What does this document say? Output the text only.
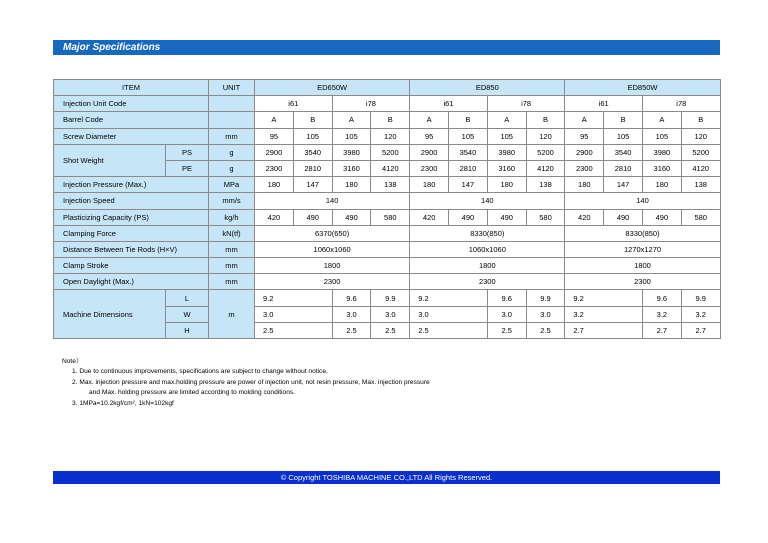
Major Specifications
ITEM		UNIT	ED650W				ED850				ED850W			
Injection Unit Code			i61		i78		i61		i78		i61		i78	
Barrel Code			A	B	A	B	A	B	A	B	A	B	A	B
Screw Diameter		mm	95	105	105	120	95	105	105	120	95	105	105	120
Shot Weight	PS	g	2900	3540	3980	5200	2900	3540	3980	5200	2900	3540	3980	5200
	PE	g	2300	2810	3160	4120	2300	2810	3160	4120	2300	2810	3160	4120
Injection Pressure (Max.)		MPa	180	147	180	138	180	147	180	138	180	147	180	138
Injection Speed		mm/s	140				140				140			
Plasticizing Capacity (PS)		kg/h	420	490	490	580	420	490	490	580	420	490	490	580
Clamping Force		kN(tf)	6370(650)				8330(850)				8330(850)			
Distance Between Tie Rods (H×V)		mm	1060x1060				1060x1060				1270x1270			
Clamp Stroke		mm	1800				1800				1800			
Open Daylight (Max.)		mm	2300				2300				2300			
Machine Dimensions	L	m	9.2		9.6	9.9	9.2		9.6	9.9	9.2		9.6	9.9
	W		3.0		3.0	3.0	3.0		3.0	3.0	3.2		3.2	3.2
	H		2.5		2.5	2.5	2.5		2.5	2.5	2.7		2.7	2.7
Note）
1. Due to continuous improvements, specifications are subject to change without notice.
2. Max. injection pressure and max.holding pressure are power of injection unit, not resin pressure, Max. injection pressure
and Max. holding pressure are limited according to molding conditions.
3. 1MPa=10.2kgf/cm², 1kN=102kgf
© Copyright TOSHIBA MACHINE CO.,LTD All Rights Reserved.
